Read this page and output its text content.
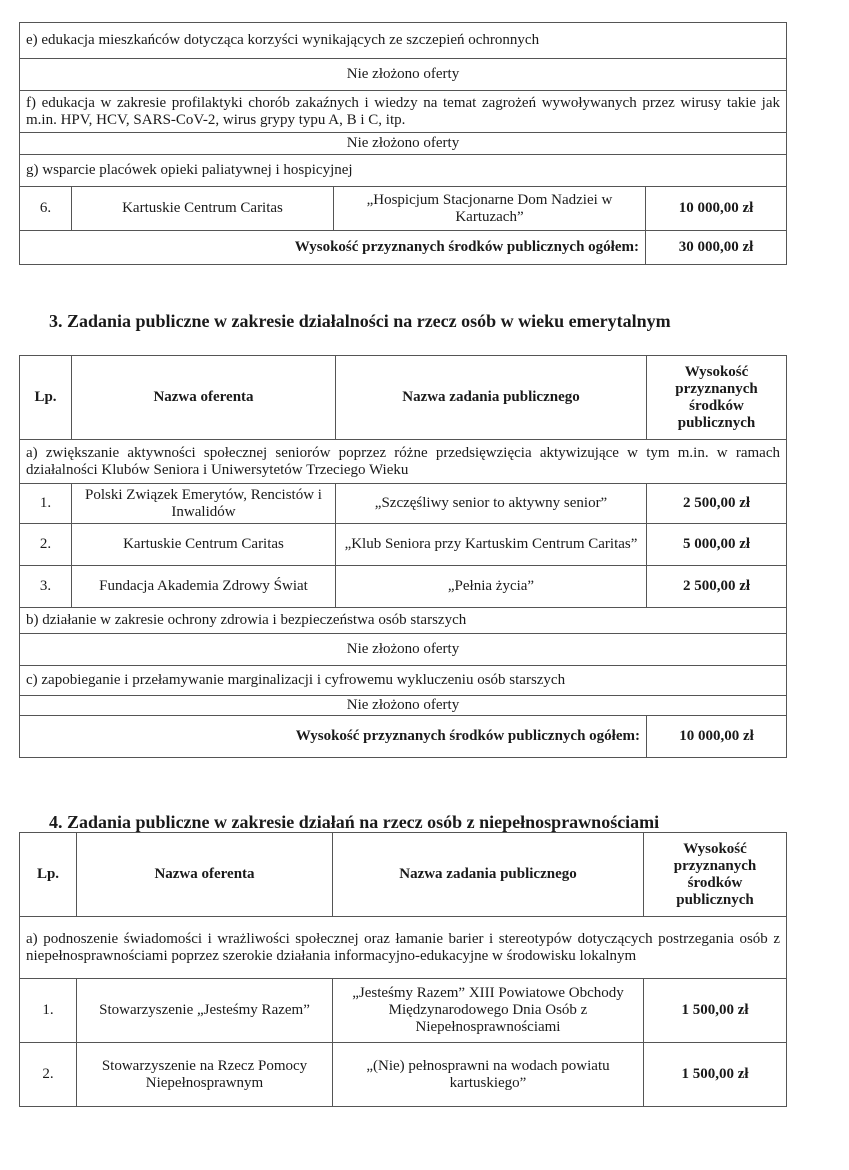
e) edukacja mieszkańców dotycząca korzyści wynikających ze szczepień ochronnych			
Nie złożono oferty			
f) edukacja w zakresie profilaktyki chorób zakaźnych i wiedzy na temat zagrożeń wywoływanych przez wirusy takie jak m.in. HPV, HCV, SARS-CoV-2, wirus grypy typu A, B i C, itp.			
Nie złożono oferty			
g) wsparcie placówek opieki paliatywnej i hospicyjnej			
6.	Kartuskie Centrum Caritas	„Hospicjum Stacjonarne Dom Nadziei w Kartuzach”	10 000,00 zł
Wysokość przyznanych środków publicznych ogółem:			30 000,00 zł
3. Zadania publiczne w zakresie działalności na rzecz osób w wieku emerytalnym
Lp.	Nazwa oferenta	Nazwa zadania publicznego	Wysokość przyznanych środków publicznych
a) zwiększanie aktywności społecznej seniorów poprzez różne przedsięwzięcia aktywizujące w tym m.in. w ramach działalności Klubów Seniora i Uniwersytetów Trzeciego Wieku			
1.	Polski Związek Emerytów, Rencistów i Inwalidów	„Szczęśliwy senior to aktywny senior”	2 500,00 zł
2.	Kartuskie Centrum Caritas	„Klub Seniora przy Kartuskim Centrum Caritas”	5 000,00 zł
3.	Fundacja Akademia Zdrowy Świat	„Pełnia życia”	2 500,00 zł
b) działanie w zakresie ochrony zdrowia i bezpieczeństwa osób starszych			
Nie złożono oferty			
c) zapobieganie i przełamywanie marginalizacji i cyfrowemu wykluczeniu osób starszych			
Nie złożono oferty			
Wysokość przyznanych środków publicznych ogółem:			10 000,00 zł
4. Zadania publiczne w zakresie działań na rzecz osób z niepełnosprawnościami
Lp.	Nazwa oferenta	Nazwa zadania publicznego	Wysokość przyznanych środków publicznych
a) podnoszenie świadomości i wrażliwości społecznej oraz łamanie barier i stereotypów dotyczących postrzegania osób z niepełnosprawnościami poprzez szerokie działania informacyjno-edukacyjne w środowisku lokalnym			
1.	Stowarzyszenie „Jesteśmy Razem”	„Jesteśmy Razem” XIII Powiatowe Obchody Międzynarodowego Dnia Osób z Niepełnosprawnościami	1 500,00 zł
2.	Stowarzyszenie na Rzecz Pomocy Niepełnosprawnym	„(Nie) pełnosprawni na wodach powiatu kartuskiego”	1 500,00 zł
